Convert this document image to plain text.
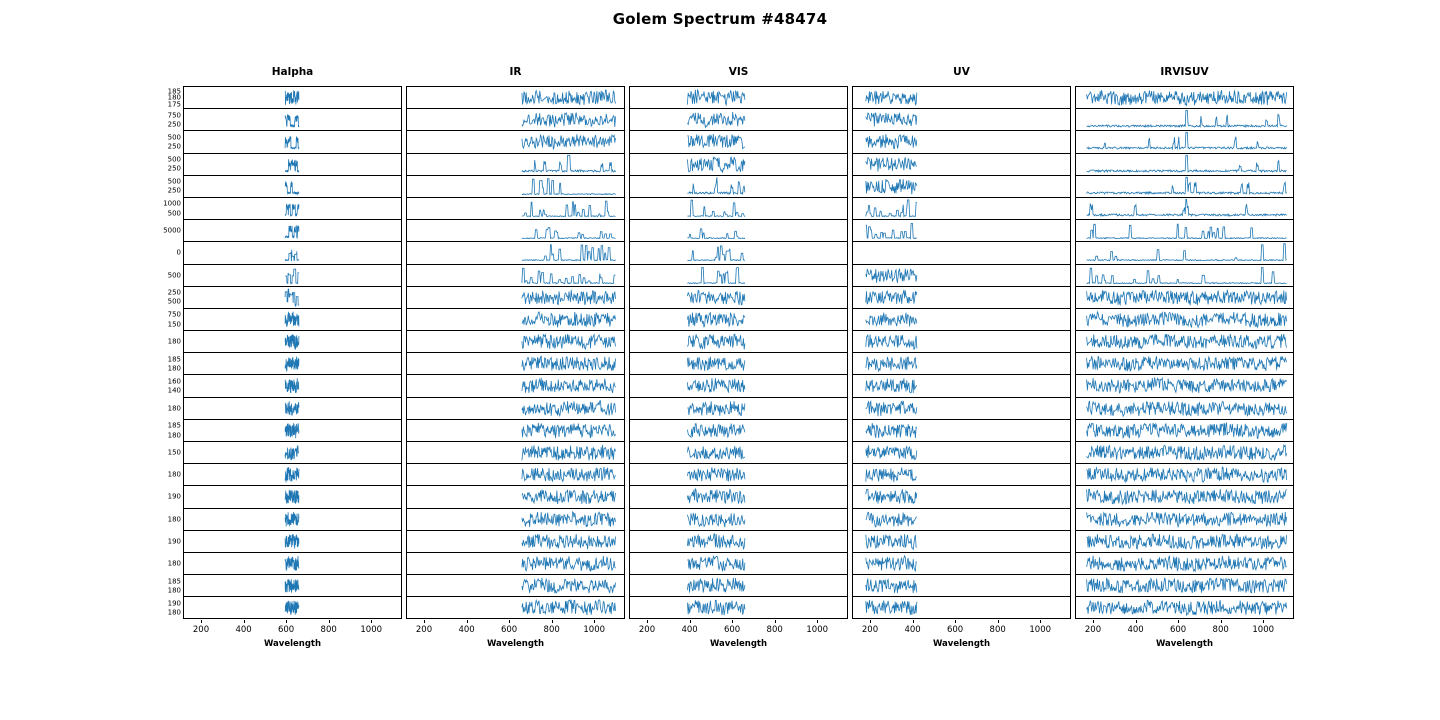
Golem Spectrum #48474
Halpha
185
180
175
750
250
500
250
500
250
500
250
1000
500
5000
0
500
250
500
750
150
180
185
180
160
140
180
185
180
150
180
190
180
190
180
185
180
190
180
200	400	600	800	1000
Wavelength
IR
200	400	600	800	1000
Wavelength
VIS
200	400	600	800	1000
Wavelength
UV
200	400	600	800	1000
Wavelength
IRVISUV
200	400	600	800	1000
Wavelength
